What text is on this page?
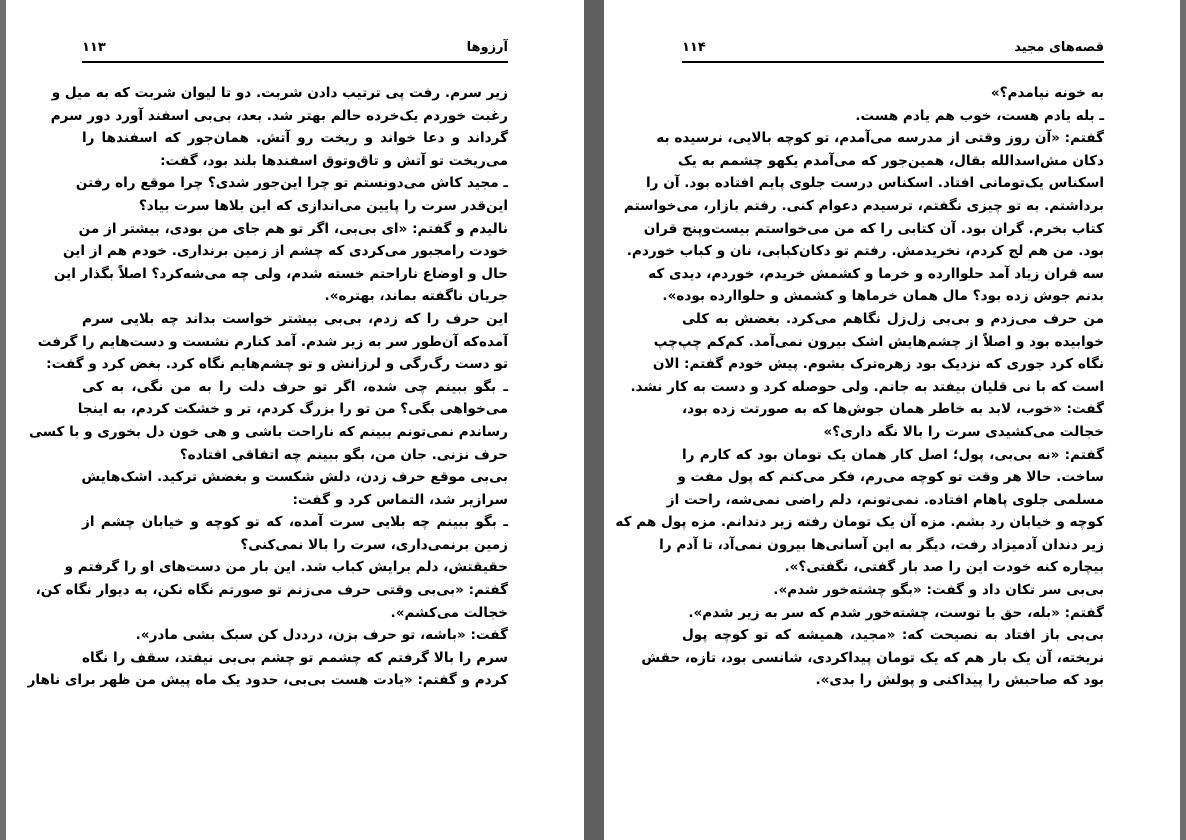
۱۱۳	آرزوها
زیر سرم. رفت پی ترتیب دادن شربت. دو تا لیوان شربت که به میل و
رغبت خوردم یک‌خرده حالم بهتر شد. بعد، بی‌بی اسفند آورد دور سرم
گرداند و دعا خواند و ریخت رو آتش. همان‌جور که اسفندها را
می‌ریخت تو آتش و تاق‌وتوق اسفندها بلند بود، گفت:
ـ مجید کاش می‌دونستم تو چرا این‌جور شدی؟ چرا موقع راه رفتن
این‌قدر سرت را پایین می‌اندازی که این بلاها سرت بیاد؟
نالیدم و گفتم: «ای بی‌بی، اگر تو هم جای من بودی، بیشتر از من
خودت رامجبور می‌کردی که چشم از زمین برنداری. خودم هم از این
حال و اوضاع ناراحتم خسته شدم، ولی چه می‌شه‌کرد؟ اصلاً بگذار این
جریان ناگفته بماند، بهتره».
این حرف را که زدم، بی‌بی بیشتر خواست بداند چه بلایی سرم
آمده‌که آن‌طور سر به زیر شدم. آمد کنارم نشست و دست‌هایم را گرفت
تو دست رگ‌رگی و لرزانش و تو چشم‌هایم نگاه کرد. بغض کرد و گفت:
ـ بگو ببینم چی شده، اگر تو حرف دلت را به من نگی، به کی
می‌خواهی بگی؟ من تو را بزرگ کردم، تر و خشکت کردم، به اینجا
رساندم نمی‌تونم ببینم که ناراحت باشی و هی خون دل بخوری و با کسی
حرف نزنی. جان من، بگو ببینم چه اتفاقی افتاده؟
بی‌بی موقع حرف زدن، دلش شکست و بغضش ترکید. اشک‌هایش
سرازیر شد، التماس کرد و گفت:
ـ بگو ببینم چه بلایی سرت آمده، که تو کوچه و خیابان چشم از
زمین برنمی‌داری، سرت را بالا نمی‌کنی؟
حقیقتش، دلم برایش کباب شد. این بار من دست‌های او را گرفتم و
گفتم: «بی‌بی وقتی حرف می‌زنم تو صورتم نگاه نکن، به دیوار نگاه کن،
خجالت می‌کشم».
گفت: «باشه، تو حرف بزن، درددل کن سبک بشی مادر».
سرم را بالا گرفتم که چشمم تو چشم بی‌بی نیفتد، سقف را نگاه
کردم و گفتم: «یادت هست بی‌بی، حدود یک ماه پیش من ظهر برای ناهار
۱۱۴	قصه‌های مجید
به خونه نیامدم؟»
ـ بله یادم هست، خوب هم یادم هست.
گفتم: «آن روز وقتی از مدرسه می‌آمدم، تو کوچه بالایی، نرسیده به
دکان مش‌اسدالله بقال، همین‌جور که می‌آمدم یکهو چشمم به یک
اسکناس یک‌تومانی افتاد. اسکناس درست جلوی پایم افتاده بود. آن را
برداشتم. به تو چیزی نگفتم، ترسیدم دعوام کنی. رفتم بازار، می‌خواستم
کتاب بخرم. گران بود. آن کتابی را که من می‌خواستم بیست‌وپنج قران
بود. من هم لج کردم، نخریدمش. رفتم تو دکان‌کبابی، نان و کباب خوردم.
سه قران زیاد آمد حلواارده و خرما و کشمش خریدم، خوردم، دیدی که
بدنم جوش زده بود؟ مال همان خرماها و کشمش و حلواارده بوده».
من حرف می‌زدم و بی‌بی زل‌زل نگاهم می‌کرد. بغضش به کلی
خوابیده بود و اصلاً از چشم‌هایش اشک بیرون نمی‌آمد. کم‌کم چپ‌چپ
نگاه کرد جوری که نزدیک بود زهره‌ترک بشوم. پیش خودم گفتم: الان
است که با نی قلیان بیفتد به جانم. ولی حوصله کرد و دست به کار نشد.
گفت: «خوب، لابد به خاطر همان جوش‌ها که به صورتت زده بود،
خجالت می‌کشیدی سرت را بالا نگه داری؟»
گفتم: «نه بی‌بی، پول؛ اصل کار همان یک تومان بود که کارم را
ساخت. حالا هر وقت تو کوچه می‌رم، فکر می‌کنم که پول مفت و
مسلمی جلوی پاهام افتاده. نمی‌تونم، دلم راضی نمی‌شه، راحت از
کوچه و خیابان رد بشم. مزه آن یک تومان رفته زیر دندانم. مزه پول هم که
زیر دندان آدمیزاد رفت، دیگر به این آسانی‌ها بیرون نمی‌آد، تا آدم را
بیچاره کنه خودت این را صد بار گفتی، نگفتی؟».
بی‌بی سر تکان داد و گفت: «بگو چشته‌خور شدم».
گفتم: «بله، حق با توست، چشته‌خور شدم که سر به زیر شدم».
بی‌بی باز افتاد به نصیحت که: «مجید، همیشه که تو کوچه پول
نریخته، آن یک بار هم که یک تومان پیداکردی، شانسی بود، تازه، حقش
بود که صاحبش را پیداکنی و پولش را بدی».
